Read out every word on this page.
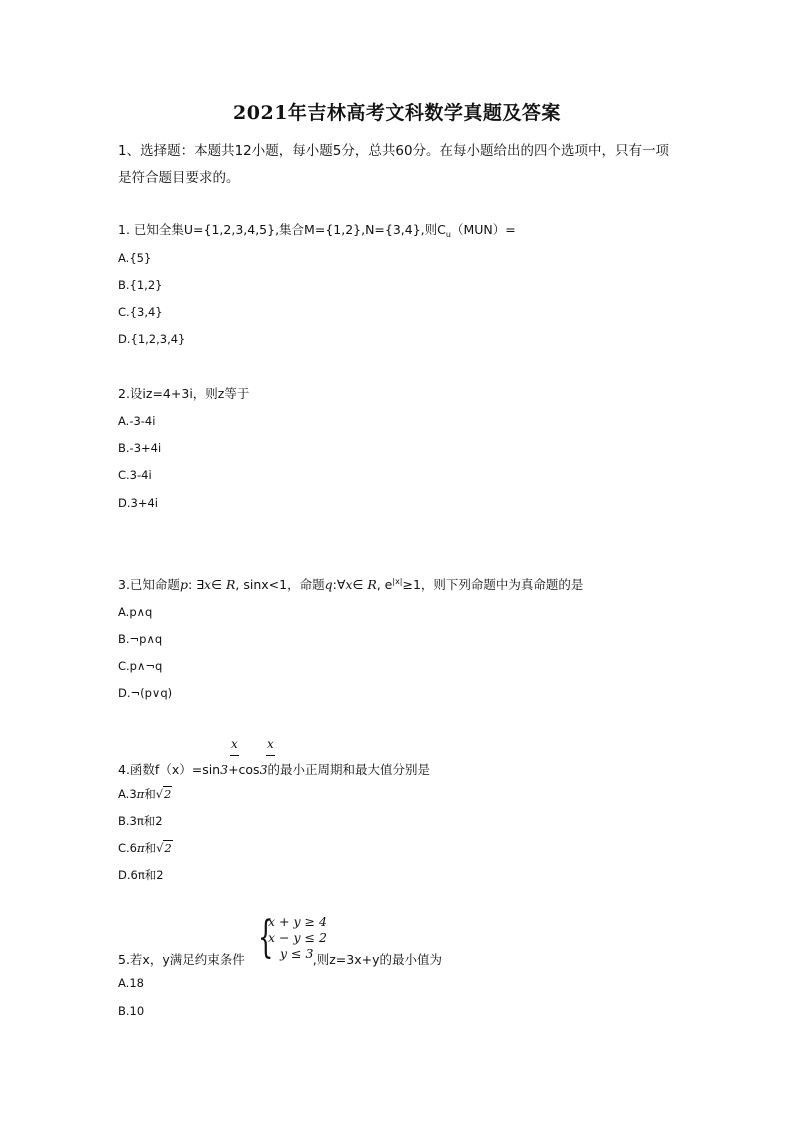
2021年吉林高考文科数学真题及答案
1、选择题：本题共12小题，每小题5分，总共60分。在每小题给出的四个选项中，只有一项是符合题目要求的。
1. 已知全集U={1,2,3,4,5},集合M={1,2},N={3,4},则$C_u(MUN)=$
A.{5}
B.{1,2}
C.{3,4}
D.{1,2,3,4}
2.设iz=4+3i，则z等于
A.-3-4i
B.-3+4i
C.3-4i
D.3+4i
3.已知命题p: ∃x∈ R, sinx<1，命题q:∀x∈ R, $e^{|x|}\ge 1$，则下列命题中为真命题的是
A.p∧q
B.¬p∧q
C.p∧¬q
D.¬(p∨q)
x x
4.函数f（x）=sin3+cos3的最小正周期和最大值分别是
A.3π和√2
B.3π和2
C.6π和√2
D.6π和2
{
x + y ≥ 4
x − y ≤ 2
y ≤ 3
5.若x，y满足约束条件	,则z=3x+y的最小值为
A.18
B.10
